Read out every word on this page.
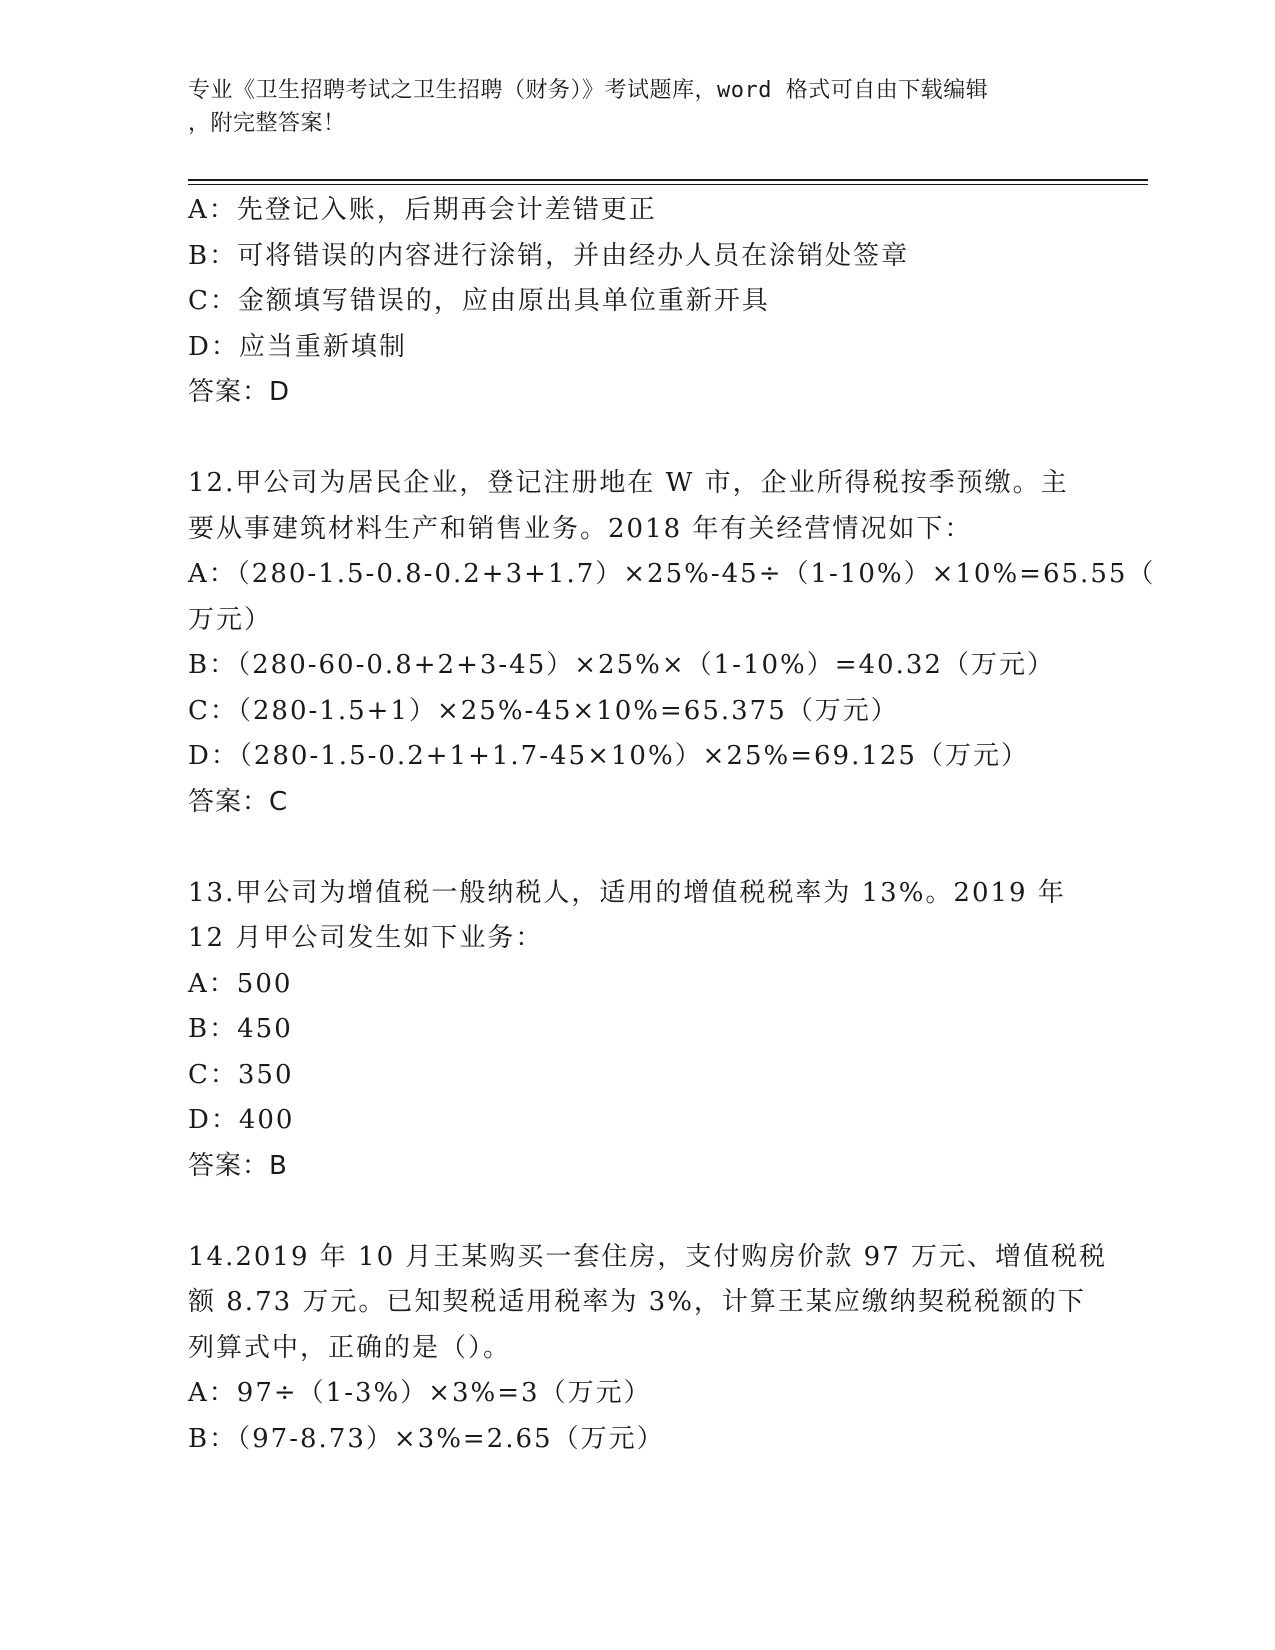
专业《卫生招聘考试之卫生招聘（财务）》考试题库，word 格式可自由下载编辑
，附完整答案！
A：先登记入账，后期再会计差错更正
B：可将错误的内容进行涂销，并由经办人员在涂销处签章
C：金额填写错误的，应由原出具单位重新开具
D：应当重新填制
答案：D
12.甲公司为居民企业，登记注册地在 W 市，企业所得税按季预缴。主
要从事建筑材料生产和销售业务。2018 年有关经营情况如下：
A：（280-1.5-0.8-0.2+3+1.7）×25%-45÷（1-10%）×10%=65.55（
万元）
B：（280-60-0.8+2+3-45）×25%×（1-10%）=40.32（万元）
C：（280-1.5+1）×25%-45×10%=65.375（万元）
D：（280-1.5-0.2+1+1.7-45×10%）×25%=69.125（万元）
答案：C
13.甲公司为增值税一般纳税人，适用的增值税税率为 13%。2019 年
12 月甲公司发生如下业务：
A：500
B：450
C：350
D：400
答案：B
14.2019 年 10 月王某购买一套住房，支付购房价款 97 万元、增值税税
额 8.73 万元。已知契税适用税率为 3%，计算王某应缴纳契税税额的下
列算式中，正确的是（）。
A：97÷（1-3%）×3%=3（万元）
B：（97-8.73）×3%=2.65（万元）
